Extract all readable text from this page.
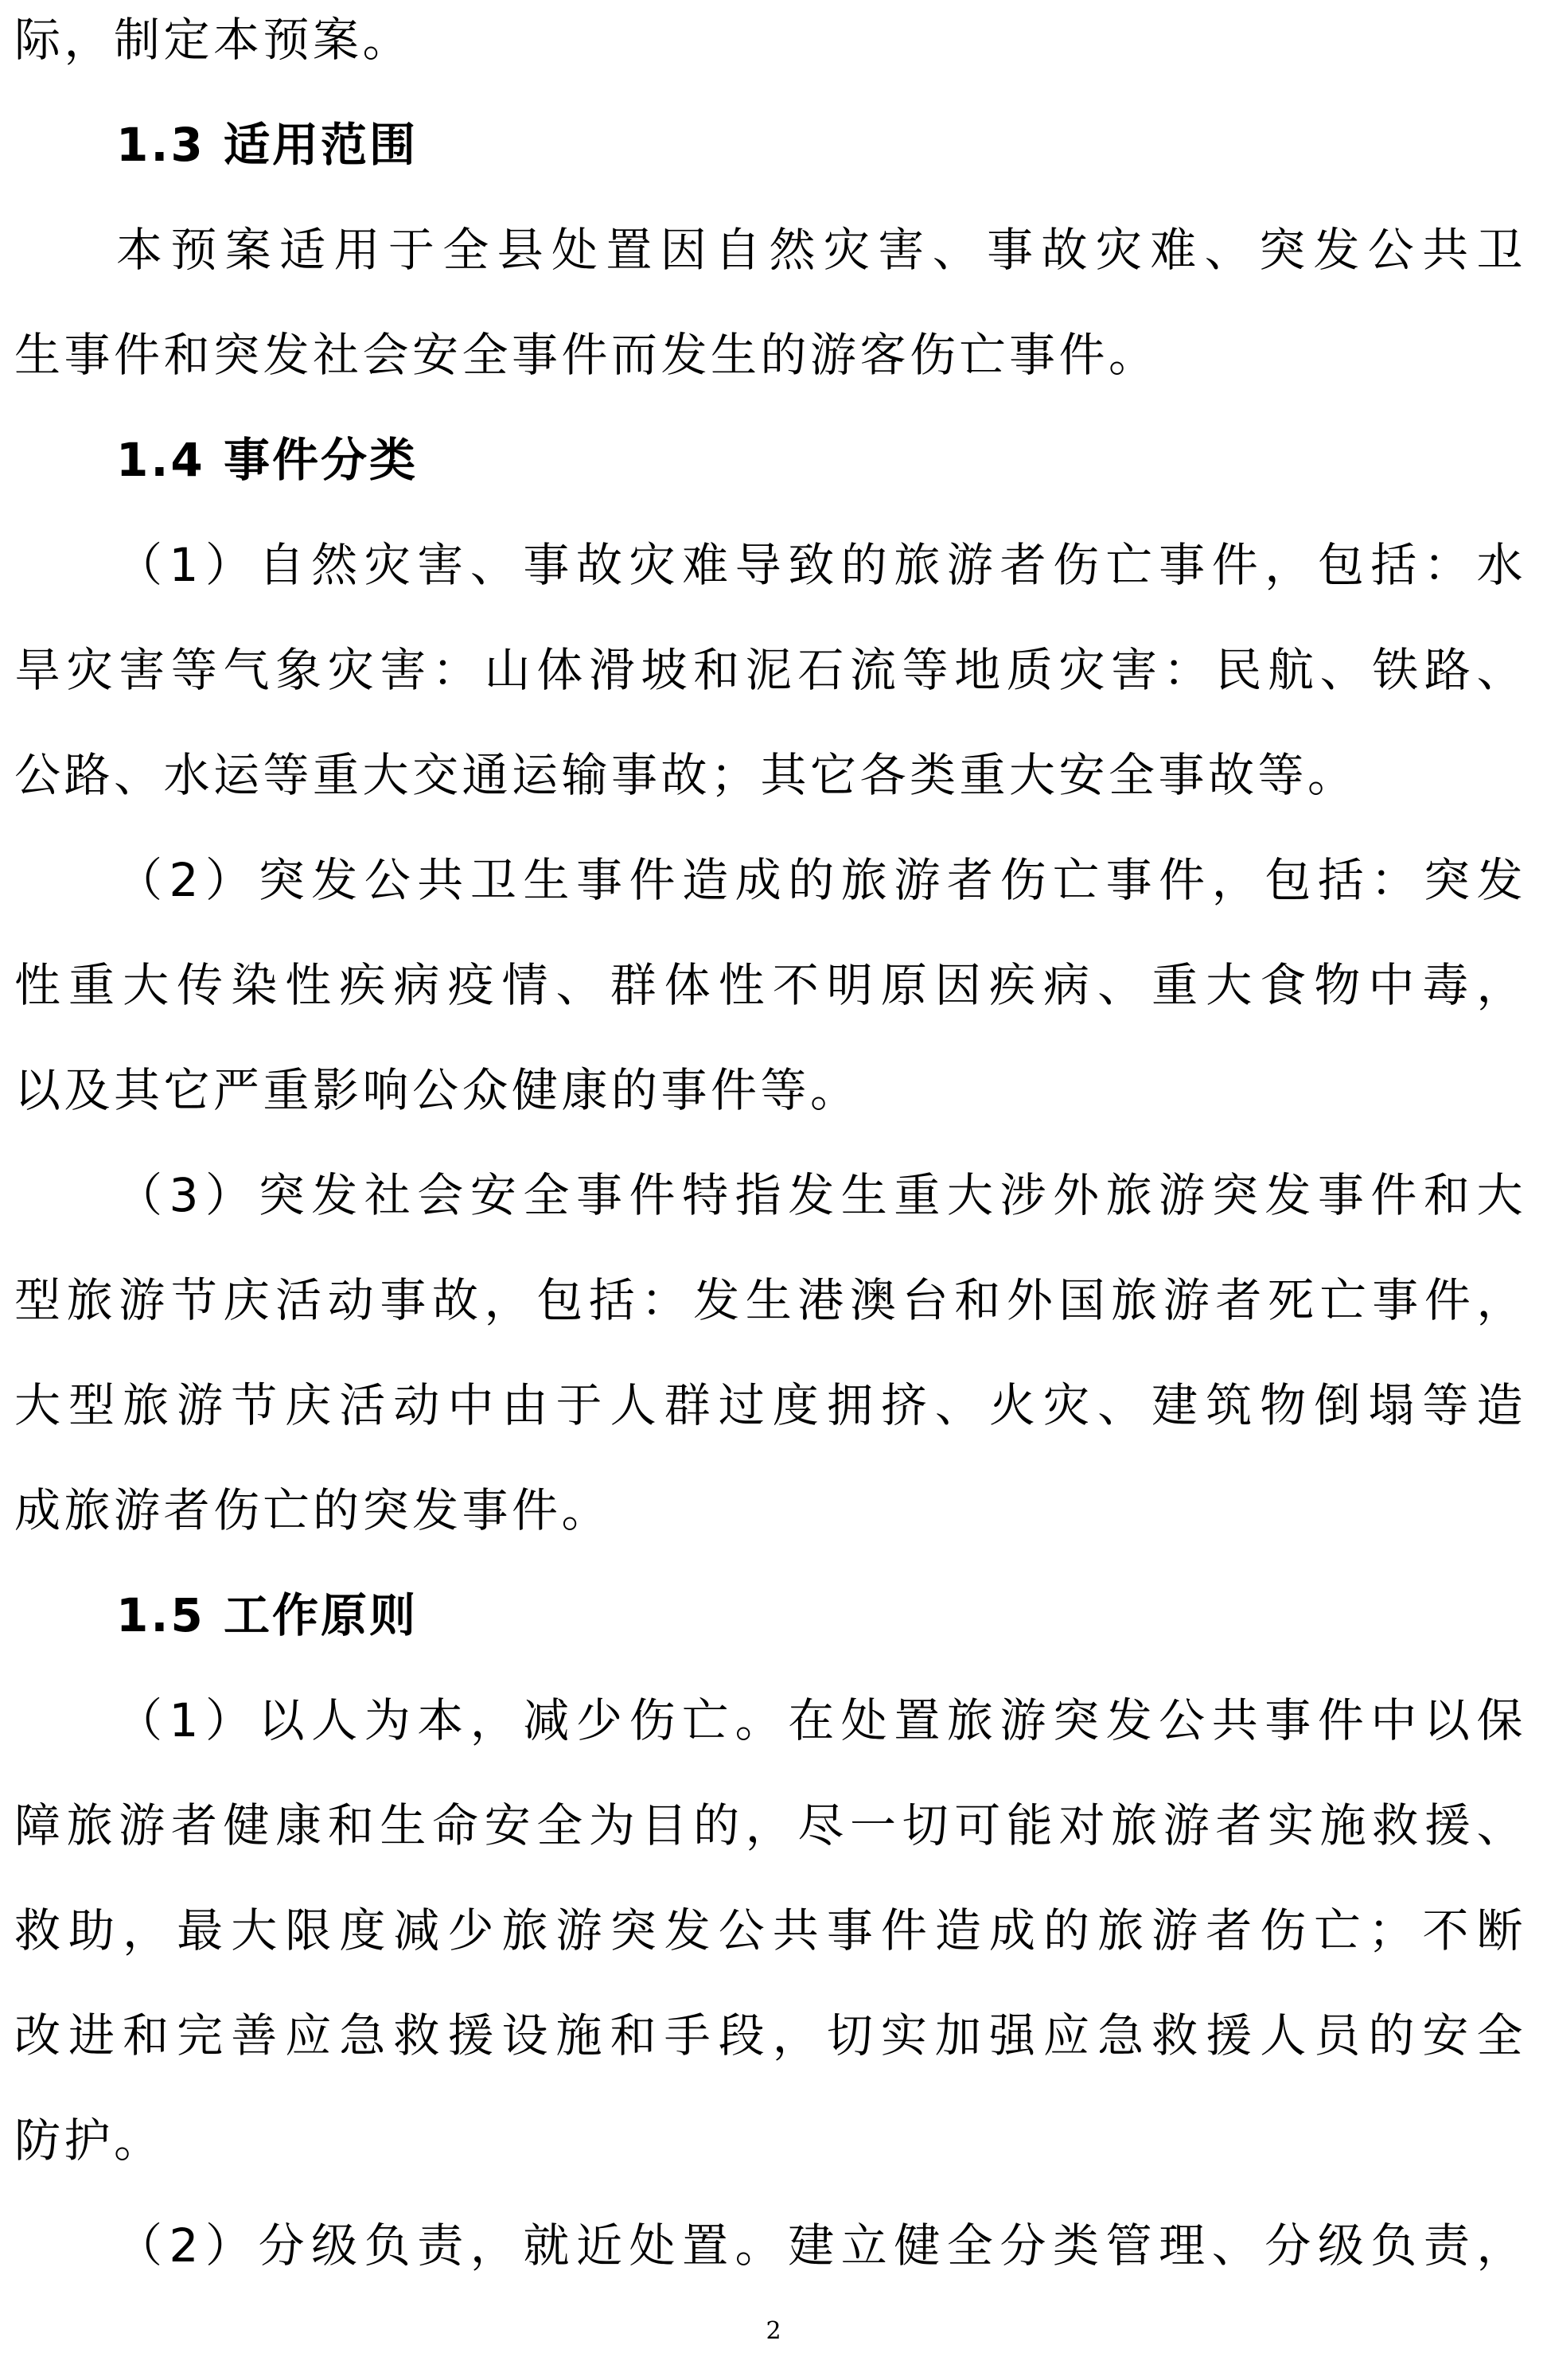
际，制定本预案。
1.3 适用范围
本预案适用于全县处置因自然灾害、事故灾难、突发公共卫
生事件和突发社会安全事件而发生的游客伤亡事件。
1.4 事件分类
（1）自然灾害、事故灾难导致的旅游者伤亡事件，包括：水
旱灾害等气象灾害：山体滑坡和泥石流等地质灾害：民航、铁路、
公路、水运等重大交通运输事故；其它各类重大安全事故等。
（2）突发公共卫生事件造成的旅游者伤亡事件，包括：突发
性重大传染性疾病疫情、群体性不明原因疾病、重大食物中毒，
以及其它严重影响公众健康的事件等。
（3）突发社会安全事件特指发生重大涉外旅游突发事件和大
型旅游节庆活动事故，包括：发生港澳台和外国旅游者死亡事件，
大型旅游节庆活动中由于人群过度拥挤、火灾、建筑物倒塌等造
成旅游者伤亡的突发事件。
1.5 工作原则
（1）以人为本，减少伤亡。在处置旅游突发公共事件中以保
障旅游者健康和生命安全为目的，尽一切可能对旅游者实施救援、
救助，最大限度减少旅游突发公共事件造成的旅游者伤亡；不断
改进和完善应急救援设施和手段，切实加强应急救援人员的安全
防护。
（2）分级负责，就近处置。建立健全分类管理、分级负责，
2
